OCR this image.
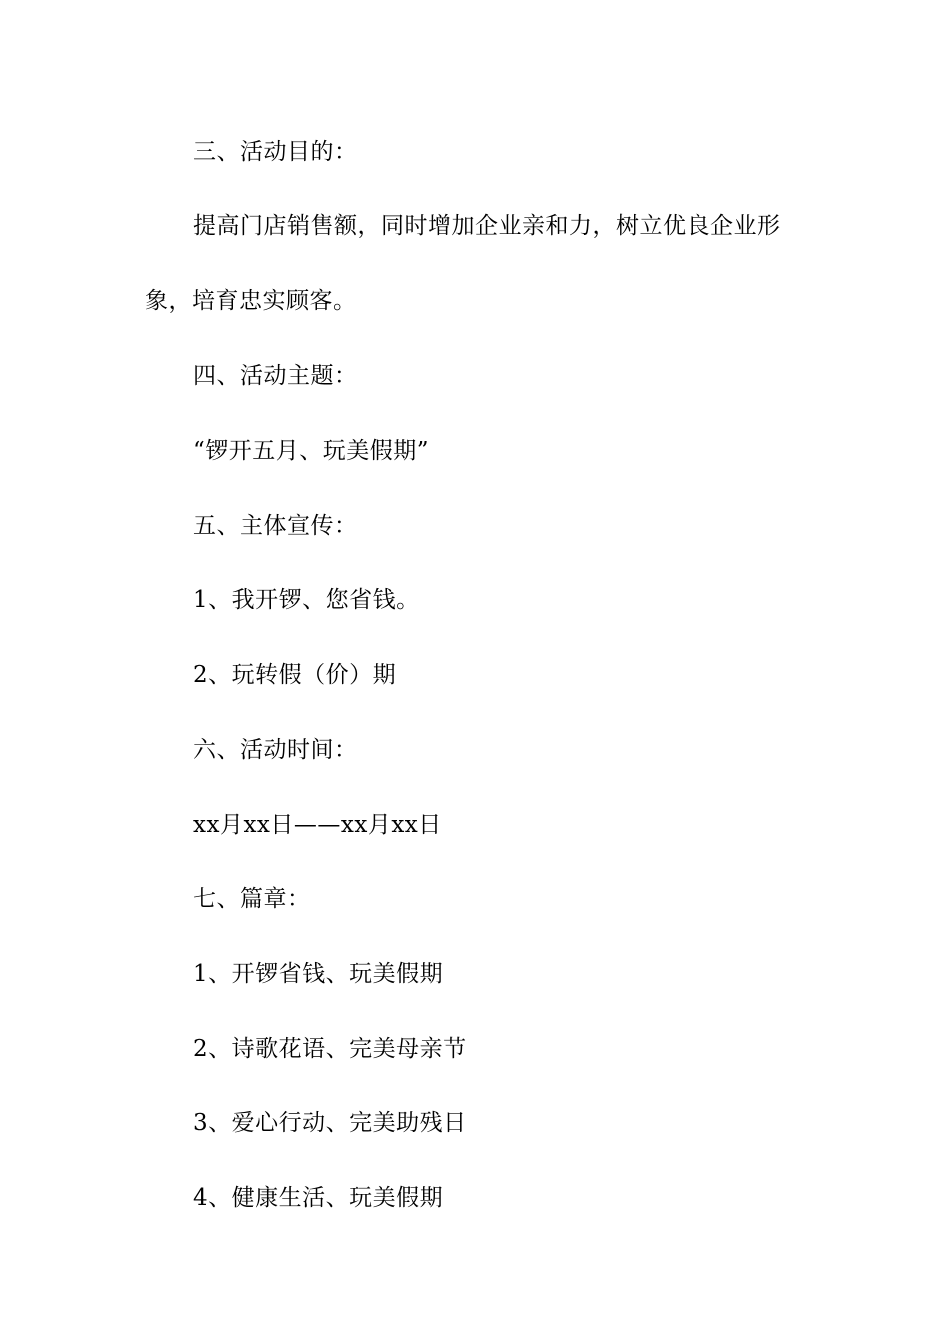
三、活动目的：
提高门店销售额，同时增加企业亲和力，树立优良企业形
象，培育忠实顾客。
四、活动主题：
“锣开五月、玩美假期”
五、主体宣传：
1、我开锣、您省钱。
2、玩转假（价）期
六、活动时间：
xx月xx日——xx月xx日
七、篇章：
1、开锣省钱、玩美假期
2、诗歌花语、完美母亲节
3、爱心行动、完美助残日
4、健康生活、玩美假期
